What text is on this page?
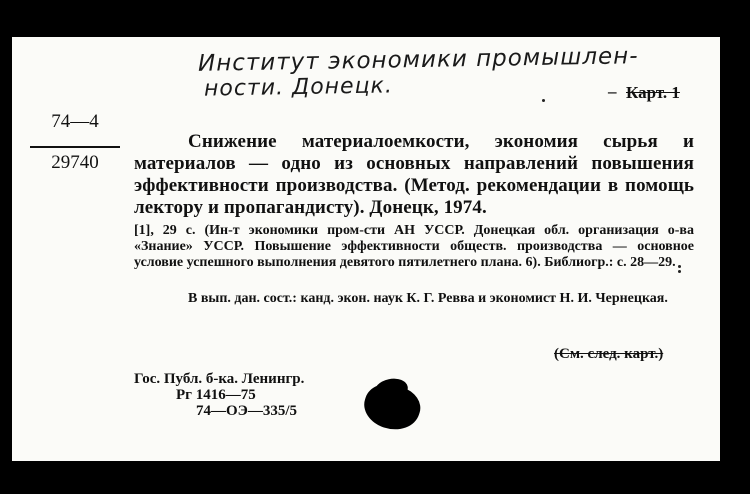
Институт экономики промышлен-
ности. Донецк.	– Карт. 1
74—4
29740
Снижение материалоемкости, экономия сырья и материалов — одно из основных направлений повышения эффективности производства. (Метод. рекомендации в помощь лектору и пропагандисту). Донецк, 1974.
[1], 29 с. (Ин-т экономики пром-сти АН УССР. Донецкая обл. организация о-ва «Знание» УССР. Повышение эффективности обществ. производства — основное условие успешного выполнения девятого пятилетнего плана. 6). Библиогр.: с. 28—29.
В вып. дан. сост.: канд. экон. наук К. Г. Ревва и экономист Н. И. Чернецкая.
(См. след. карт.)
Гос. Публ. б-ка. Ленингр.
Рг 1416—75
74—ОЭ—335/5
